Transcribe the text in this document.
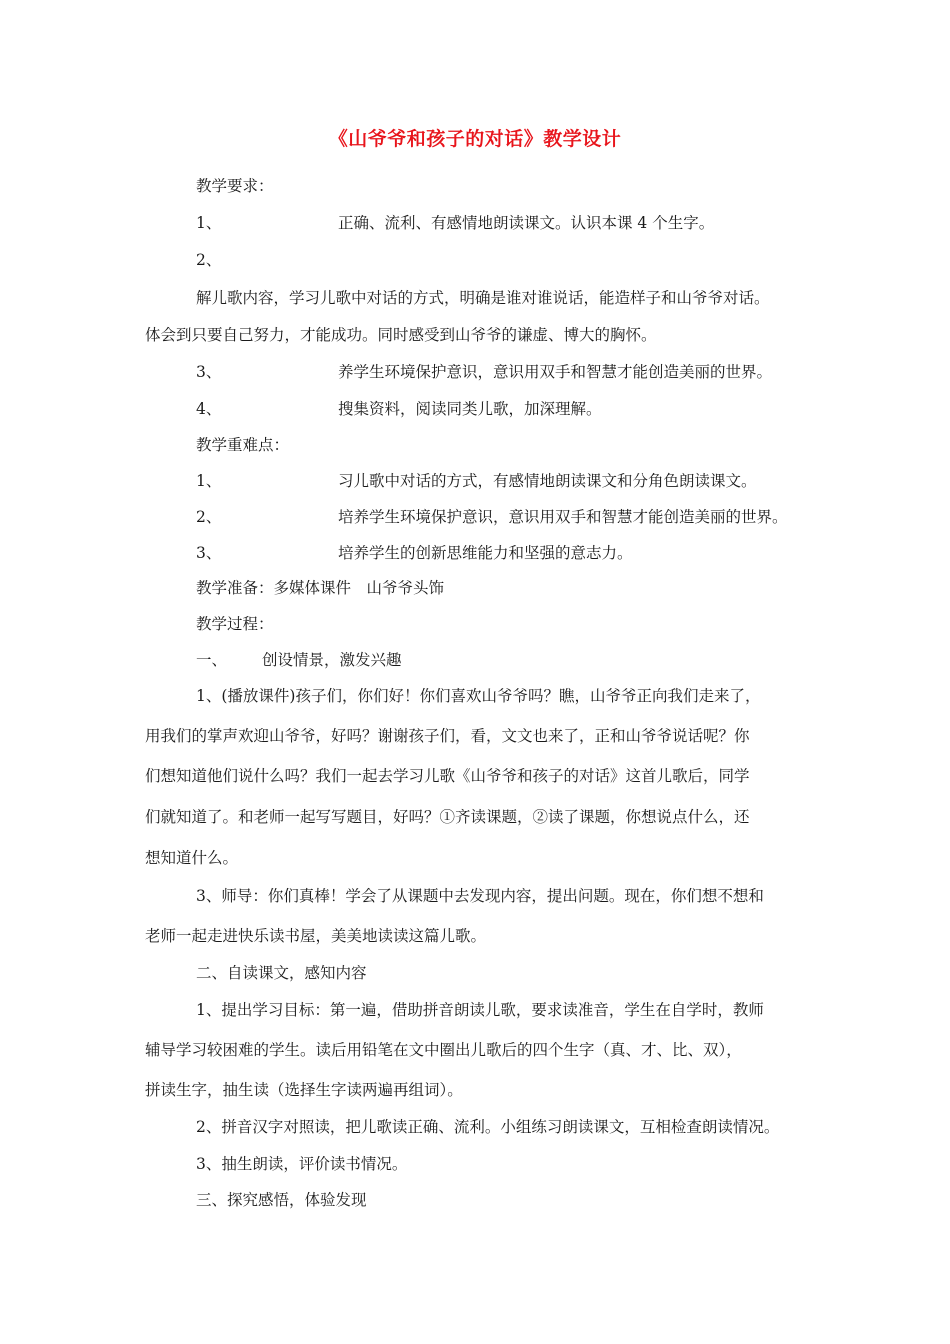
《山爷爷和孩子的对话》教学设计

教学要求：

1、	正确、流利、有感情地朗读课文。认识本课 4 个生字。

2、

解儿歌内容，学习儿歌中对话的方式，明确是谁对谁说话，能造样子和山爷爷对话。

体会到只要自己努力，才能成功。同时感受到山爷爷的谦虚、博大的胸怀。

3、	养学生环境保护意识，意识用双手和智慧才能创造美丽的世界。

4、	搜集资料，阅读同类儿歌，加深理解。

教学重难点：

1、	习儿歌中对话的方式，有感情地朗读课文和分角色朗读课文。

2、	培养学生环境保护意识，意识用双手和智慧才能创造美丽的世界。

3、	培养学生的创新思维能力和坚强的意志力。

教学准备：多媒体课件　山爷爷头饰

教学过程：

一、 创设情景，激发兴趣

1、(播放课件)孩子们，你们好！你们喜欢山爷爷吗？瞧，山爷爷正向我们走来了，

用我们的掌声欢迎山爷爷，好吗？谢谢孩子们，看，文文也来了，正和山爷爷说话呢？你

们想知道他们说什么吗？我们一起去学习儿歌《山爷爷和孩子的对话》这首儿歌后，同学

们就知道了。和老师一起写写题目，好吗？①齐读课题，②读了课题，你想说点什么，还

想知道什么。

3、师导：你们真棒！学会了从课题中去发现内容，提出问题。现在，你们想不想和

老师一起走进快乐读书屋，美美地读读这篇儿歌。

二、自读课文，感知内容

1、提出学习目标：第一遍，借助拼音朗读儿歌，要求读准音，学生在自学时，教师

辅导学习较困难的学生。读后用铅笔在文中圈出儿歌后的四个生字（真、才、比、双），

拼读生字，抽生读（选择生字读两遍再组词）。

2、拼音汉字对照读，把儿歌读正确、流利。小组练习朗读课文，互相检查朗读情况。

3、抽生朗读，评价读书情况。

三、探究感悟，体验发现
